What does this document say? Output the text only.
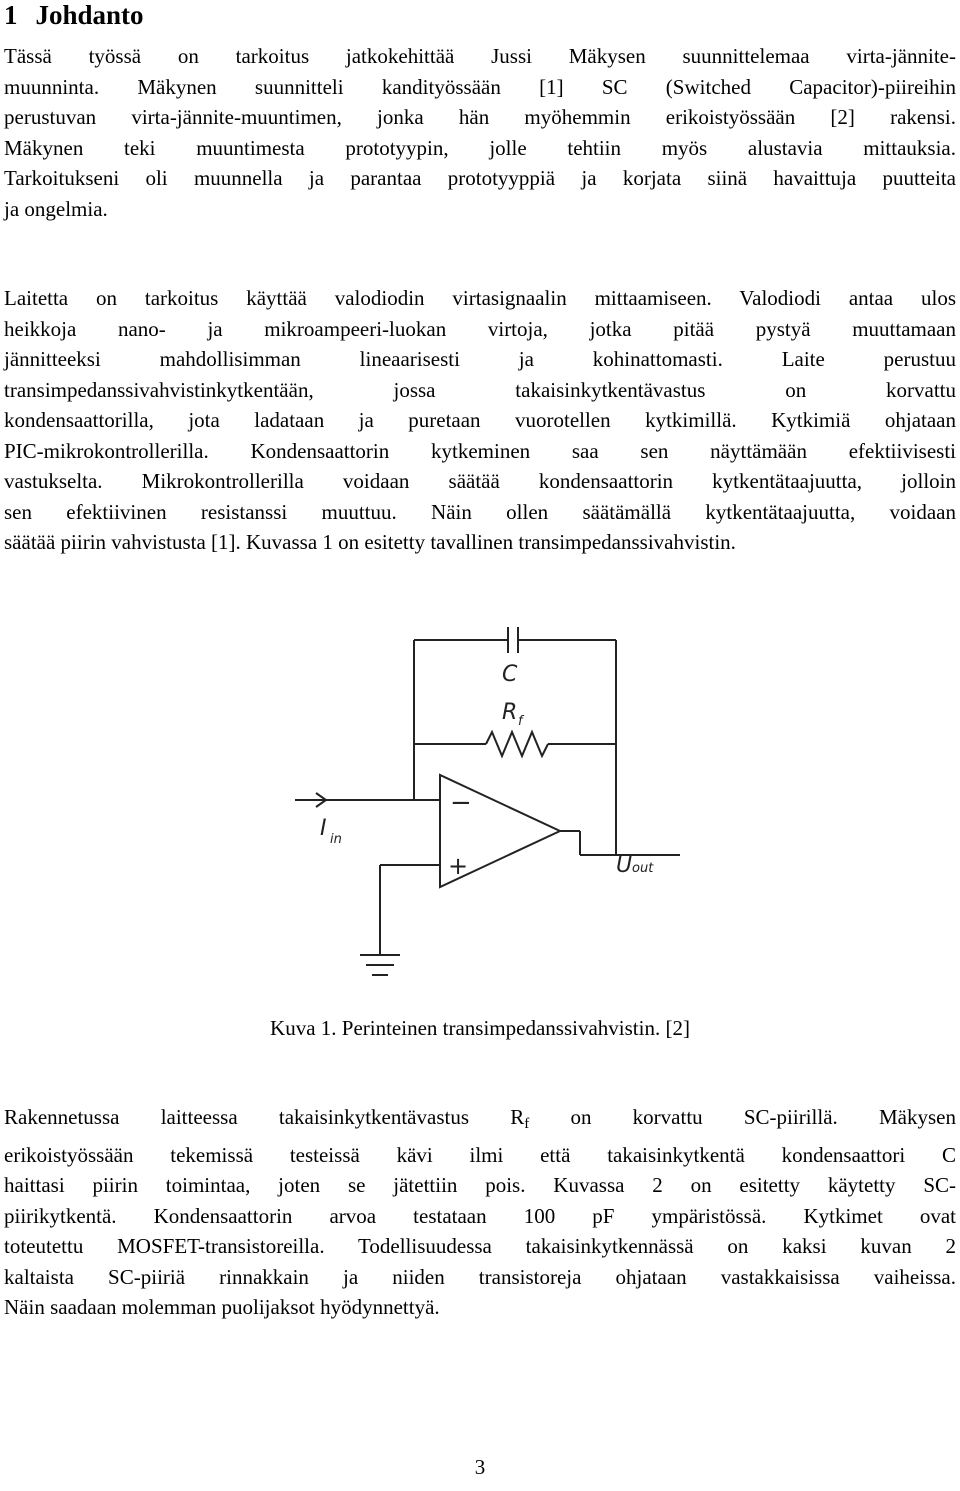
1 Johdanto
Tässä työssä on tarkoitus jatkokehittää Jussi Mäkysen suunnittelemaa virta-jännite-
muunninta. Mäkynen suunnitteli kandityössään [1] SC (Switched Capacitor)-piireihin
perustuvan virta-jännite-muuntimen, jonka hän myöhemmin erikoistyössään [2] rakensi.
Mäkynen teki muuntimesta prototyypin, jolle tehtiin myös alustavia mittauksia.
Tarkoitukseni oli muunnella ja parantaa prototyyppiä ja korjata siinä havaittuja puutteita
ja ongelmia.
Laitetta on tarkoitus käyttää valodiodin virtasignaalin mittaamiseen. Valodiodi antaa ulos
heikkoja nano- ja mikroampeeri-luokan virtoja, jotka pitää pystyä muuttamaan
jännitteeksi mahdollisimman lineaarisesti ja kohinattomasti. Laite perustuu
transimpedanssivahvistinkytkentään, jossa takaisinkytkentävastus on korvattu
kondensaattorilla, jota ladataan ja puretaan vuorotellen kytkimillä. Kytkimiä ohjataan
PIC-mikrokontrollerilla. Kondensaattorin kytkeminen saa sen näyttämään efektiivisesti
vastukselta. Mikrokontrollerilla voidaan säätää kondensaattorin kytkentätaajuutta, jolloin
sen efektiivinen resistanssi muuttuu. Näin ollen säätämällä kytkentätaajuutta, voidaan
säätää piirin vahvistusta [1]. Kuvassa 1 on esitetty tavallinen transimpedanssivahvistin.
C
R f
I in
U out
−
+
Kuva 1. Perinteinen transimpedanssivahvistin. [2]
Rakennetussa laitteessa takaisinkytkentävastus $R_f$ on korvattu SC-piirillä. Mäkysen
erikoistyössään tekemissä testeissä kävi ilmi että takaisinkytkentä kondensaattori C
haittasi piirin toimintaa, joten se jätettiin pois. Kuvassa 2 on esitetty käytetty SC-
piirikytkentä. Kondensaattorin arvoa testataan 100 pF ympäristössä. Kytkimet ovat
toteutettu MOSFET-transistoreilla. Todellisuudessa takaisinkytkennässä on kaksi kuvan 2
kaltaista SC-piiriä rinnakkain ja niiden transistoreja ohjataan vastakkaisissa vaiheissa.
Näin saadaan molemman puolijaksot hyödynnettyä.
3
